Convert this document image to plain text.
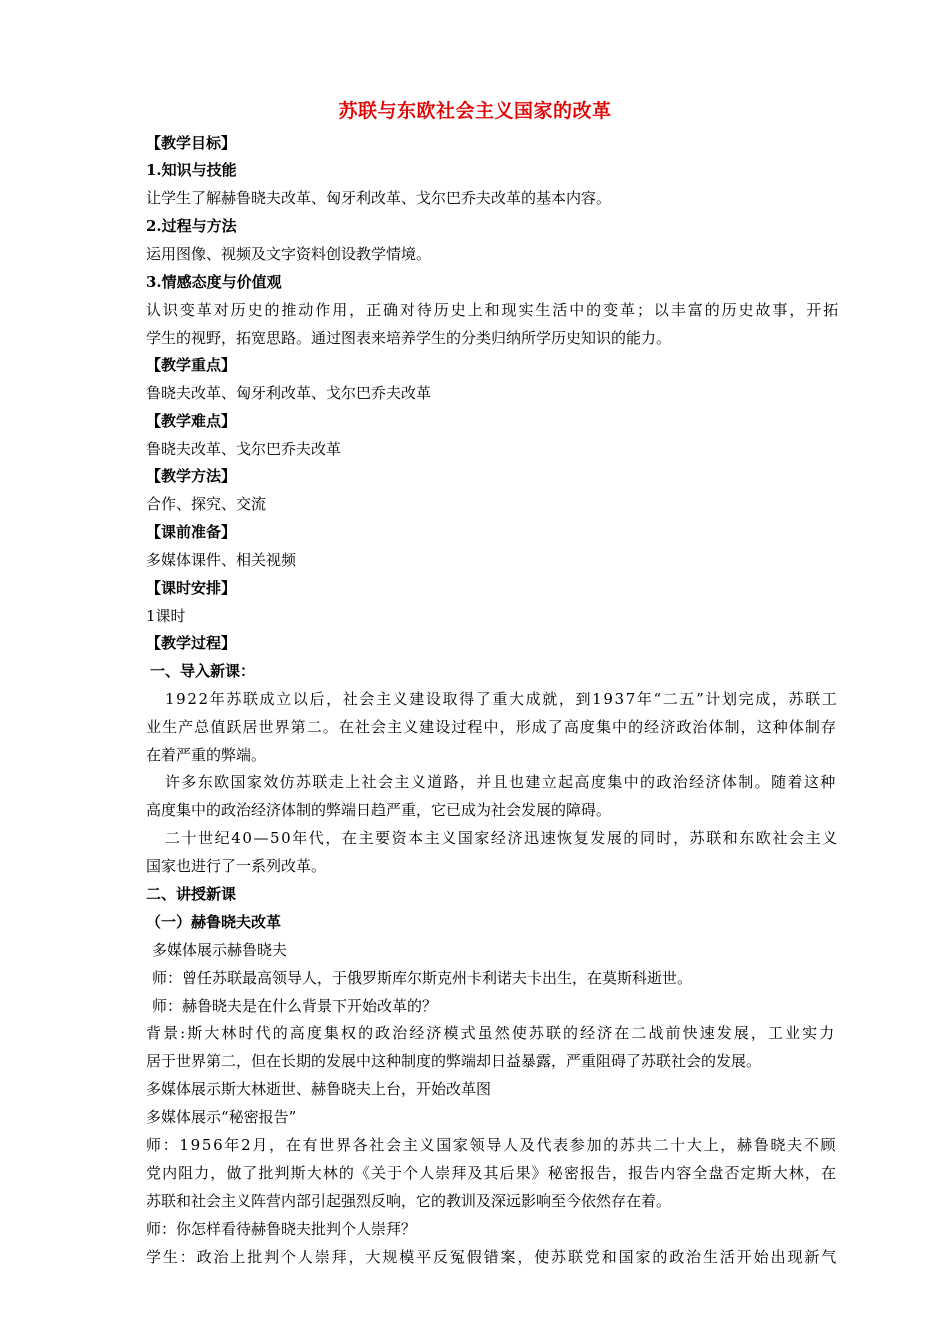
苏联与东欧社会主义国家的改革
【教学目标】
1.知识与技能
让学生了解赫鲁晓夫改革、匈牙利改革、戈尔巴乔夫改革的基本内容。
2.过程与方法
运用图像、视频及文字资料创设教学情境。
3.情感态度与价值观
认识变革对历史的推动作用，正确对待历史上和现实生活中的变革；以丰富的历史故事，开拓
学生的视野，拓宽思路。通过图表来培养学生的分类归纳所学历史知识的能力。
【教学重点】
鲁晓夫改革、匈牙利改革、戈尔巴乔夫改革
【教学难点】
鲁晓夫改革、戈尔巴乔夫改革
【教学方法】
合作、探究、交流
【课前准备】
多媒体课件、相关视频
【课时安排】
1课时
【教学过程】
一、导入新课：
1922年苏联成立以后，社会主义建设取得了重大成就，到1937年“二五”计划完成，苏联工
业生产总值跃居世界第二。在社会主义建设过程中，形成了高度集中的经济政治体制，这种体制存
在着严重的弊端。
许多东欧国家效仿苏联走上社会主义道路，并且也建立起高度集中的政治经济体制。随着这种
高度集中的政治经济体制的弊端日趋严重，它已成为社会发展的障碍。
二十世纪40—50年代，在主要资本主义国家经济迅速恢复发展的同时，苏联和东欧社会主义
国家也进行了一系列改革。
二、讲授新课
（一）赫鲁晓夫改革
多媒体展示赫鲁晓夫
师：曾任苏联最高领导人，于俄罗斯库尔斯克州卡利诺夫卡出生，在莫斯科逝世。
师：赫鲁晓夫是在什么背景下开始改革的？
背景:斯大林时代的高度集权的政治经济模式虽然使苏联的经济在二战前快速发展，工业实力
居于世界第二，但在长期的发展中这种制度的弊端却日益暴露，严重阻碍了苏联社会的发展。
多媒体展示斯大林逝世、赫鲁晓夫上台，开始改革图
多媒体展示“秘密报告”
师：1956年2月，在有世界各社会主义国家领导人及代表参加的苏共二十大上，赫鲁晓夫不顾
党内阻力，做了批判斯大林的《关于个人崇拜及其后果》秘密报告，报告内容全盘否定斯大林，在
苏联和社会主义阵营内部引起强烈反响，它的教训及深远影响至今依然存在着。
师：你怎样看待赫鲁晓夫批判个人崇拜？
学生：政治上批判个人崇拜，大规模平反冤假错案，使苏联党和国家的政治生活开始出现新气
